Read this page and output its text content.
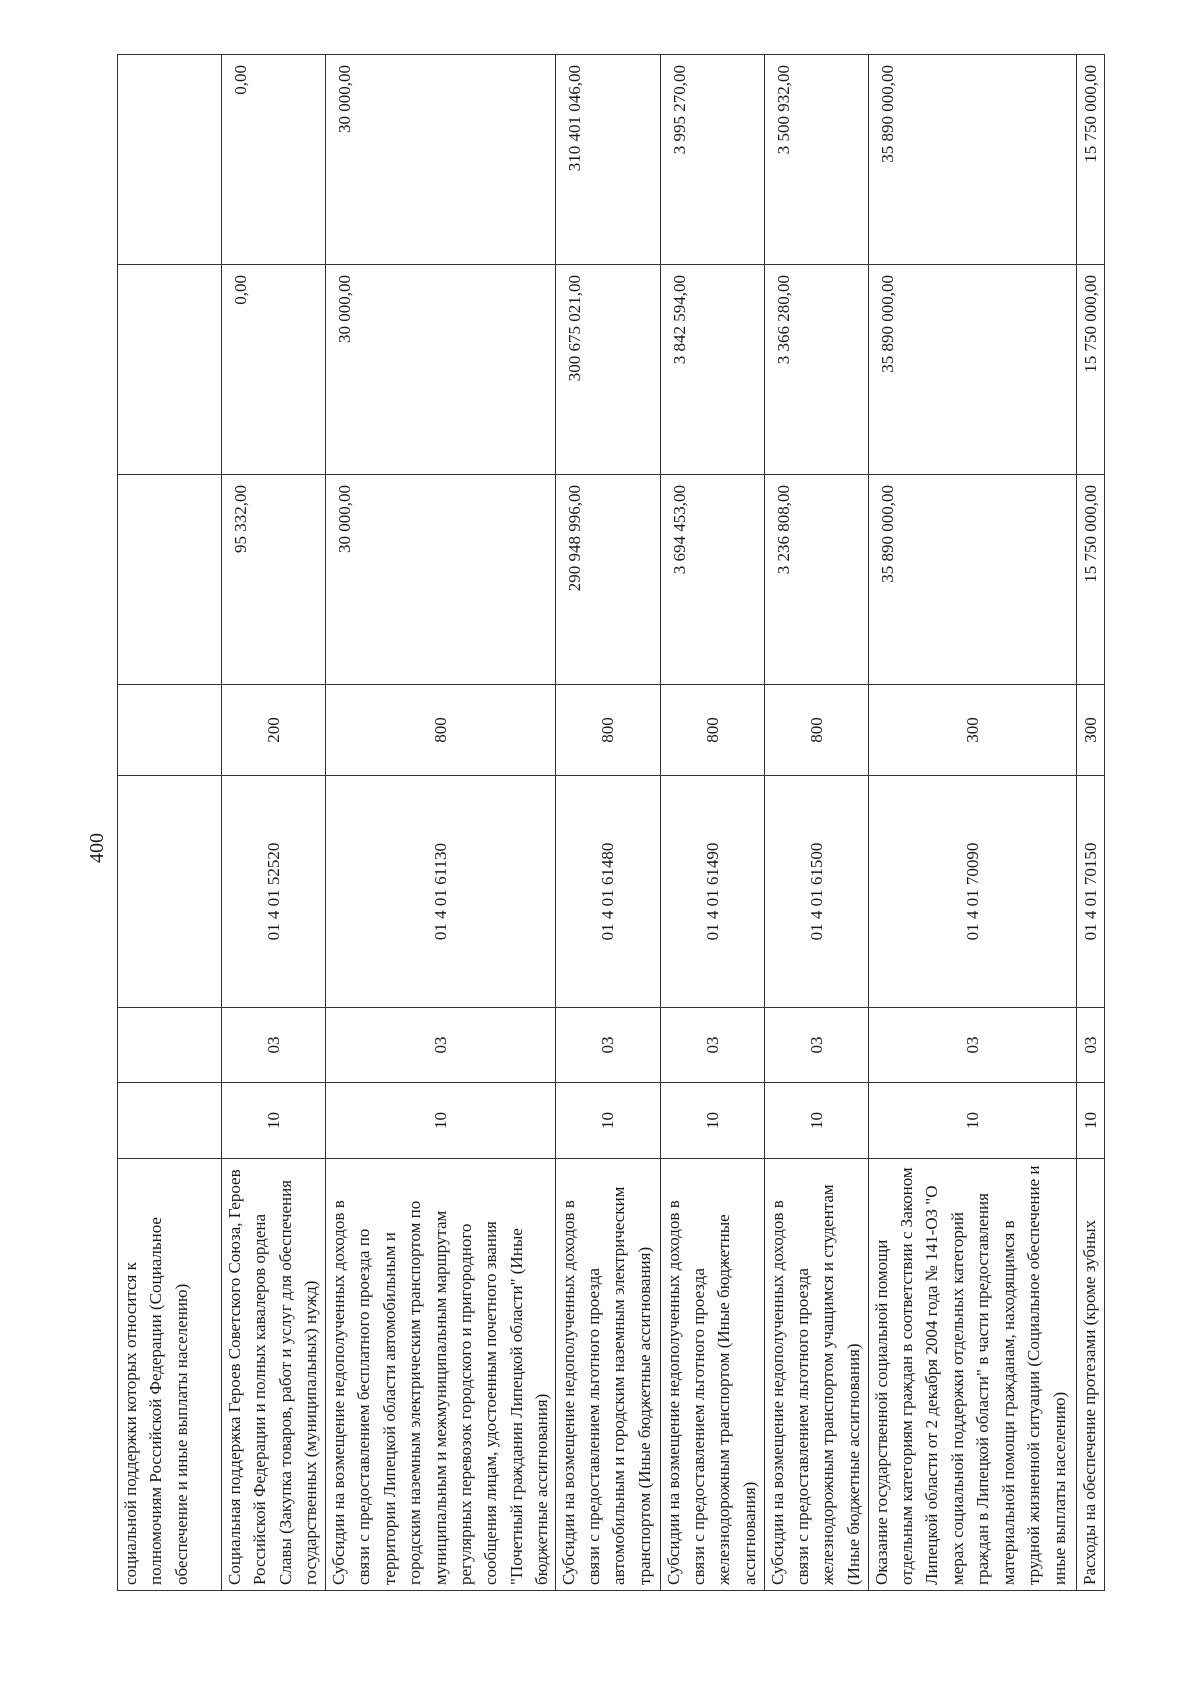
400
социальной поддержки которых относится к полномочиям Российской Федерации (Социальное обеспечение и иные выплаты населению)							
Социальная поддержка Героев Советского Союза, Героев Российской Федерации и полных кавалеров ордена Славы (Закупка товаров, работ и услуг для обеспечения государственных (муниципальных) нужд)	10	03	01 4 01 52520	200	95 332,00	0,00	0,00
Субсидии на возмещение недополученных доходов в связи с предоставлением бесплатного проезда по территории Липецкой области автомобильным и городским наземным электрическим транспортом по муниципальным и межмуниципальным маршрутам регулярных перевозок городского и пригородного сообщения лицам, удостоенным почетного звания "Почетный гражданин Липецкой области" (Иные бюджетные ассигнования)	10	03	01 4 01 61130	800	30 000,00	30 000,00	30 000,00
Субсидии на возмещение недополученных доходов в связи с предоставлением льготного проезда автомобильным и городским наземным электрическим транспортом (Иные бюджетные ассигнования)	10	03	01 4 01 61480	800	290 948 996,00	300 675 021,00	310 401 046,00
Субсидии на возмещение недополученных доходов в связи с предоставлением льготного проезда железнодорожным транспортом (Иные бюджетные ассигнования)	10	03	01 4 01 61490	800	3 694 453,00	3 842 594,00	3 995 270,00
Субсидии на возмещение недополученных доходов в связи с предоставлением льготного проезда железнодорожным транспортом учащимся и студентам (Иные бюджетные ассигнования)	10	03	01 4 01 61500	800	3 236 808,00	3 366 280,00	3 500 932,00
Оказание государственной социальной помощи отдельным категориям граждан в соответствии с Законом Липецкой области от 2 декабря 2004 года № 141-ОЗ "О мерах социальной поддержки отдельных категорий граждан в Липецкой области" в части предоставления материальной помощи гражданам, находящимся в трудной жизненной ситуации (Социальное обеспечение и иные выплаты населению)	10	03	01 4 01 70090	300	35 890 000,00	35 890 000,00	35 890 000,00
Расходы на обеспечение протезами (кроме зубных	10	03	01 4 01 70150	300	15 750 000,00	15 750 000,00	15 750 000,00
